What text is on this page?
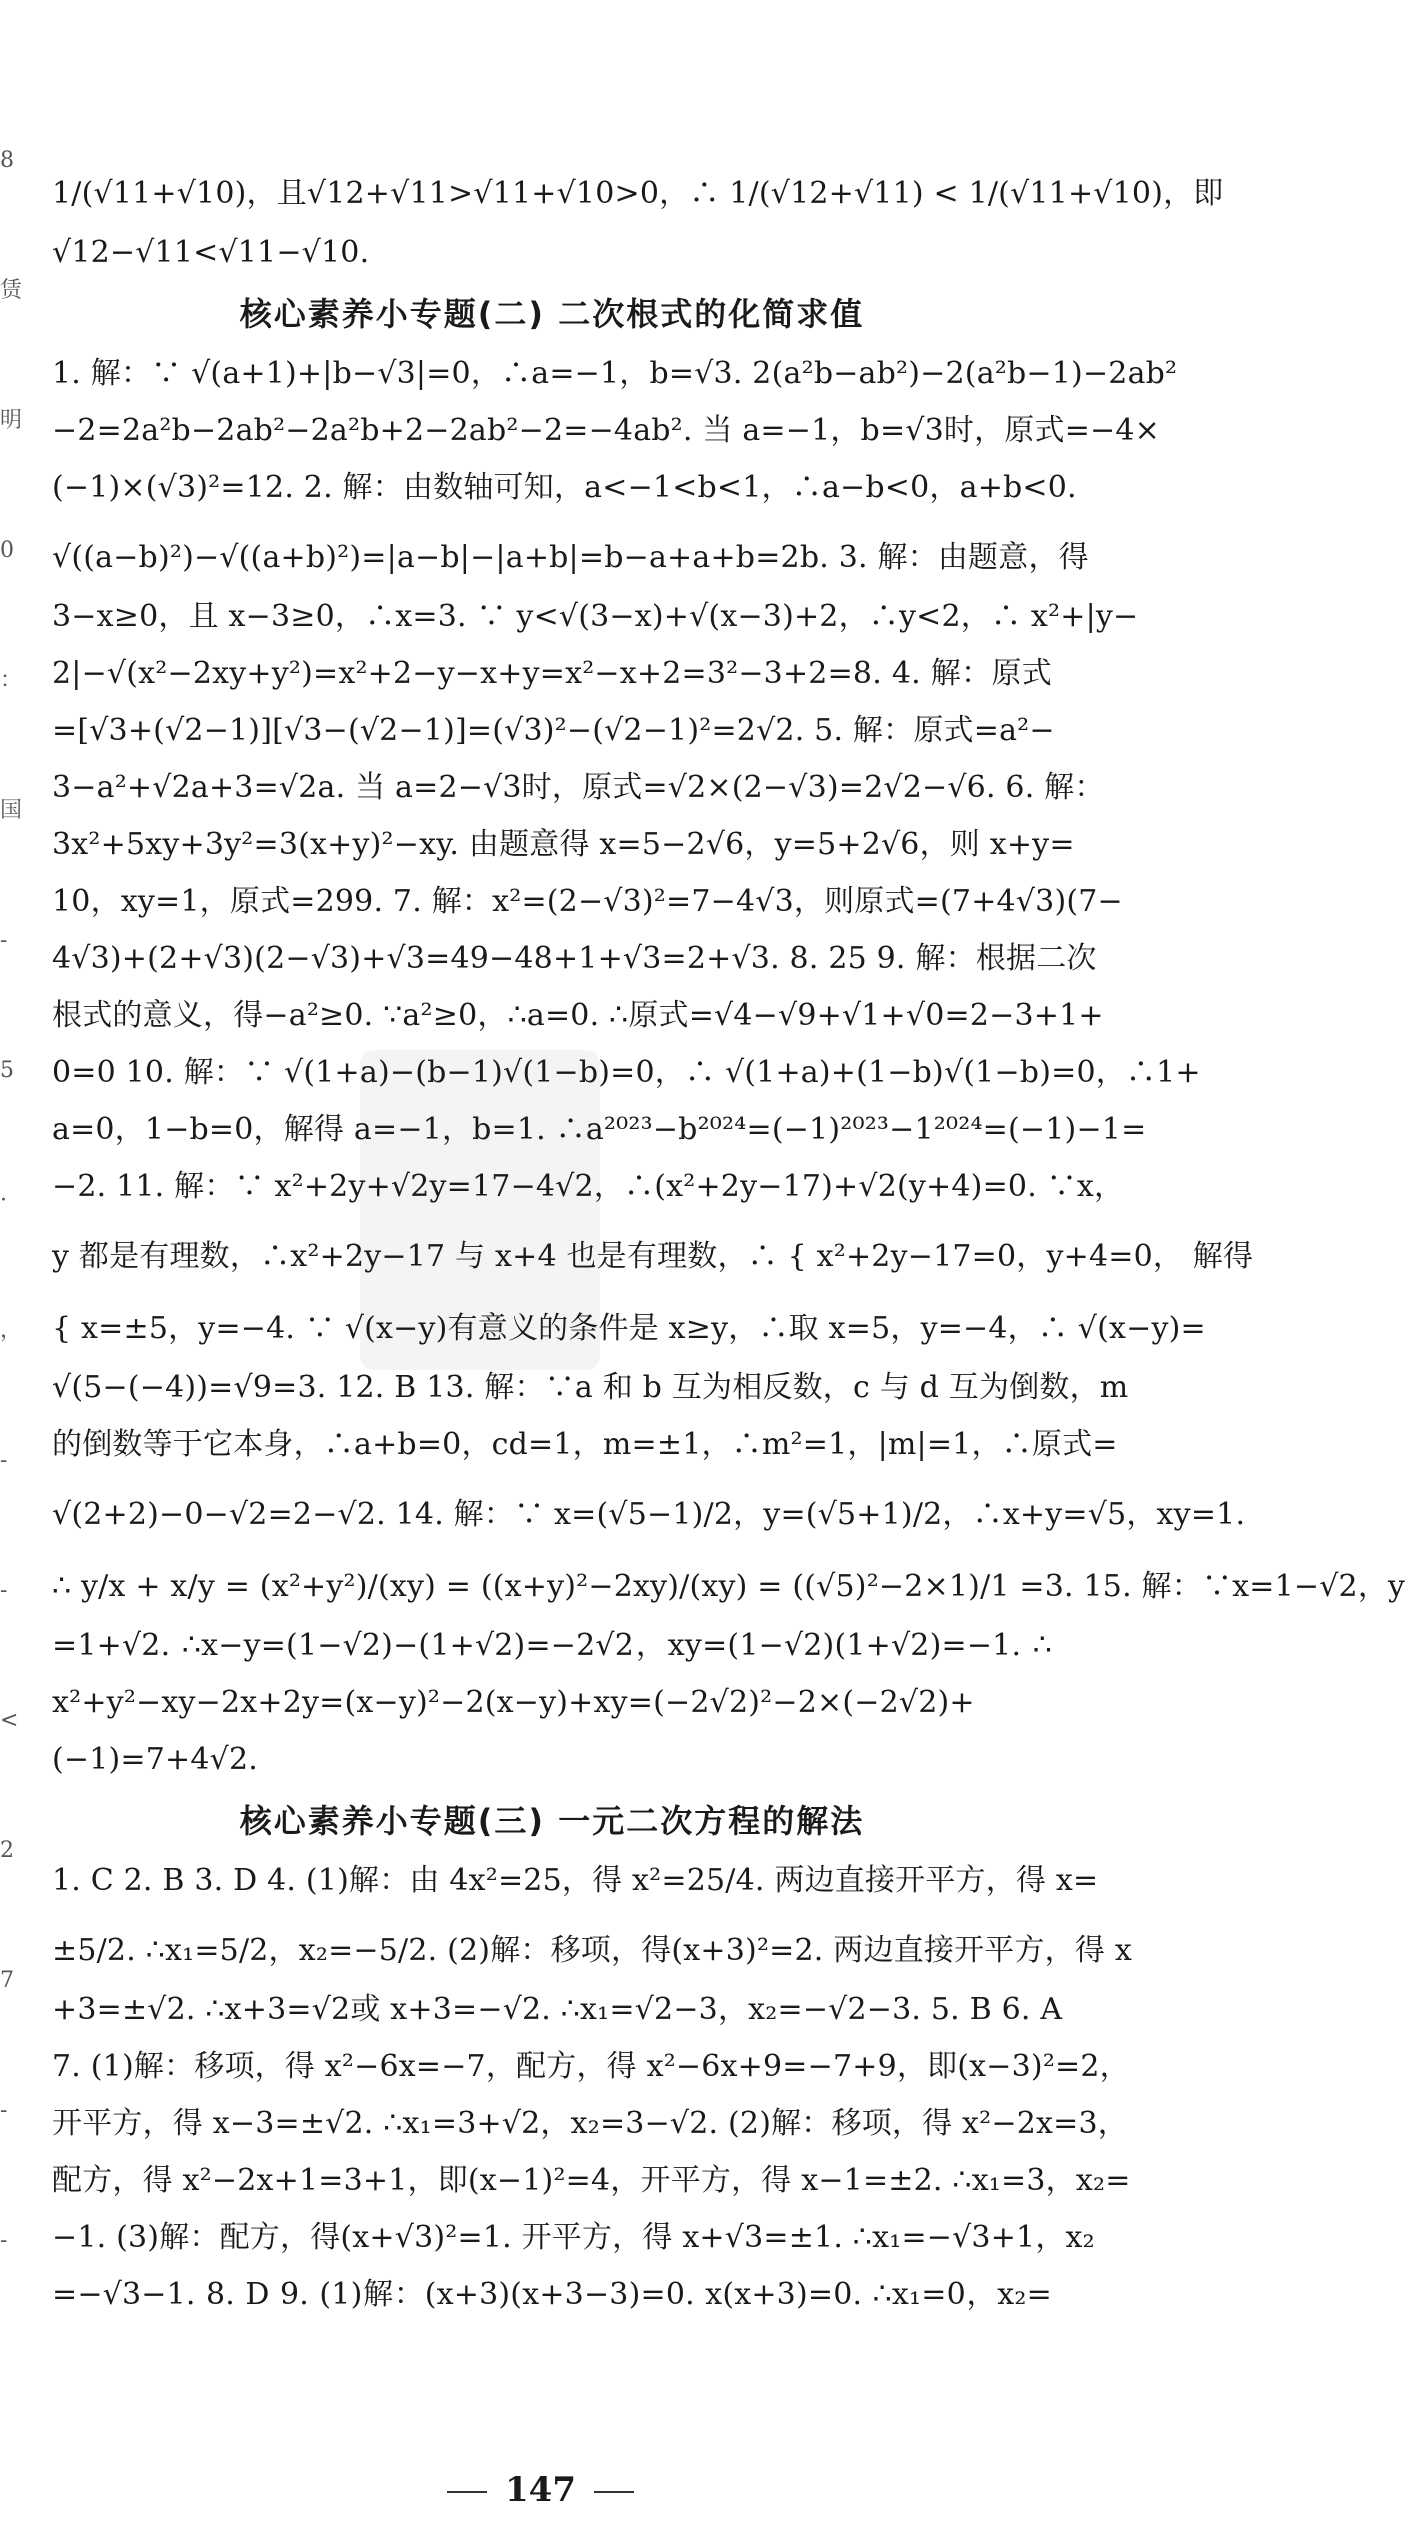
8
赁
明
0
：
国
-
5
·
，
-
-
<
2
7
-
-
1/(√11+√10)，且√12+√11>√11+√10>0，∴ 1/(√12+√11) < 1/(√11+√10)，即
√12−√11<√11−√10.
核心素养小专题(二) 二次根式的化简求值
1. 解：∵ √(a+1)+|b−√3|=0，∴a=−1，b=√3. 2(a²b−ab²)−2(a²b−1)−2ab²
−2=2a²b−2ab²−2a²b+2−2ab²−2=−4ab². 当 a=−1，b=√3时，原式=−4×
(−1)×(√3)²=12. 2. 解：由数轴可知，a<−1<b<1，∴a−b<0，a+b<0.
√((a−b)²)−√((a+b)²)=|a−b|−|a+b|=b−a+a+b=2b. 3. 解：由题意，得
3−x≥0，且 x−3≥0，∴x=3. ∵ y<√(3−x)+√(x−3)+2，∴y<2，∴ x²+|y−
2|−√(x²−2xy+y²)=x²+2−y−x+y=x²−x+2=3²−3+2=8. 4. 解：原式
=[√3+(√2−1)][√3−(√2−1)]=(√3)²−(√2−1)²=2√2. 5. 解：原式=a²−
3−a²+√2a+3=√2a. 当 a=2−√3时，原式=√2×(2−√3)=2√2−√6. 6. 解：
3x²+5xy+3y²=3(x+y)²−xy. 由题意得 x=5−2√6，y=5+2√6，则 x+y=
10，xy=1，原式=299. 7. 解：x²=(2−√3)²=7−4√3，则原式=(7+4√3)(7−
4√3)+(2+√3)(2−√3)+√3=49−48+1+√3=2+√3. 8. 25 9. 解：根据二次
根式的意义，得−a²≥0. ∵a²≥0，∴a=0. ∴原式=√4−√9+√1+√0=2−3+1+
0=0 10. 解：∵ √(1+a)−(b−1)√(1−b)=0，∴ √(1+a)+(1−b)√(1−b)=0，∴1+
a=0，1−b=0，解得 a=−1，b=1. ∴a²⁰²³−b²⁰²⁴=(−1)²⁰²³−1²⁰²⁴=(−1)−1=
−2. 11. 解：∵ x²+2y+√2y=17−4√2，∴(x²+2y−17)+√2(y+4)=0. ∵x，
y 都是有理数，∴x²+2y−17 与 x+4 也是有理数，∴ { x²+2y−17=0，y+4=0， 解得
{ x=±5，y=−4. ∵ √(x−y)有意义的条件是 x≥y，∴取 x=5，y=−4，∴ √(x−y)=
√(5−(−4))=√9=3. 12. B 13. 解：∵a 和 b 互为相反数，c 与 d 互为倒数，m
的倒数等于它本身，∴a+b=0，cd=1，m=±1，∴m²=1，|m|=1，∴原式=
√(2+2)−0−√2=2−√2. 14. 解：∵ x=(√5−1)/2，y=(√5+1)/2，∴x+y=√5，xy=1.
∴ y/x + x/y = (x²+y²)/(xy) = ((x+y)²−2xy)/(xy) = ((√5)²−2×1)/1 =3. 15. 解：∵x=1−√2，y
=1+√2. ∴x−y=(1−√2)−(1+√2)=−2√2，xy=(1−√2)(1+√2)=−1. ∴
x²+y²−xy−2x+2y=(x−y)²−2(x−y)+xy=(−2√2)²−2×(−2√2)+
(−1)=7+4√2.
核心素养小专题(三) 一元二次方程的解法
1. C 2. B 3. D 4. (1)解：由 4x²=25，得 x²=25/4. 两边直接开平方，得 x=
±5/2. ∴x₁=5/2，x₂=−5/2. (2)解：移项，得(x+3)²=2. 两边直接开平方，得 x
+3=±√2. ∴x+3=√2或 x+3=−√2. ∴x₁=√2−3，x₂=−√2−3. 5. B 6. A
7. (1)解：移项，得 x²−6x=−7，配方，得 x²−6x+9=−7+9，即(x−3)²=2，
开平方，得 x−3=±√2. ∴x₁=3+√2，x₂=3−√2. (2)解：移项，得 x²−2x=3，
配方，得 x²−2x+1=3+1，即(x−1)²=4，开平方，得 x−1=±2. ∴x₁=3，x₂=
−1. (3)解：配方，得(x+√3)²=1. 开平方，得 x+√3=±1. ∴x₁=−√3+1，x₂
=−√3−1. 8. D 9. (1)解：(x+3)(x+3−3)=0. x(x+3)=0. ∴x₁=0，x₂=
147
